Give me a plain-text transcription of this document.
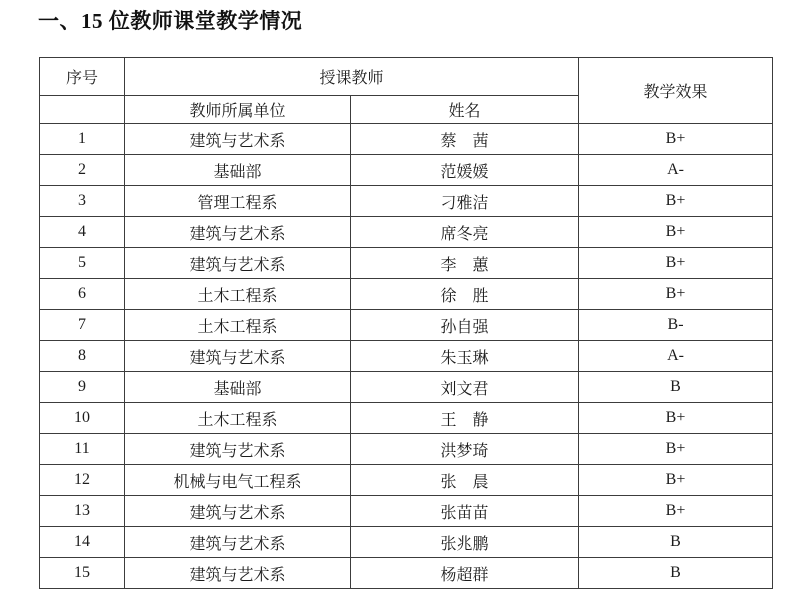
一、15 位教师课堂教学情况
序号	授课教师		教学效果
	教师所属单位	姓名	
1	建筑与艺术系	蔡　茜	B+
2	基础部	范媛媛	A-
3	管理工程系	刁雅洁	B+
4	建筑与艺术系	席冬亮	B+
5	建筑与艺术系	李　蕙	B+
6	土木工程系	徐　胜	B+
7	土木工程系	孙自强	B-
8	建筑与艺术系	朱玉琳	A-
9	基础部	刘文君	B
10	土木工程系	王　静	B+
11	建筑与艺术系	洪梦琦	B+
12	机械与电气工程系	张　晨	B+
13	建筑与艺术系	张苗苗	B+
14	建筑与艺术系	张兆鹏	B
15	建筑与艺术系	杨超群	B
